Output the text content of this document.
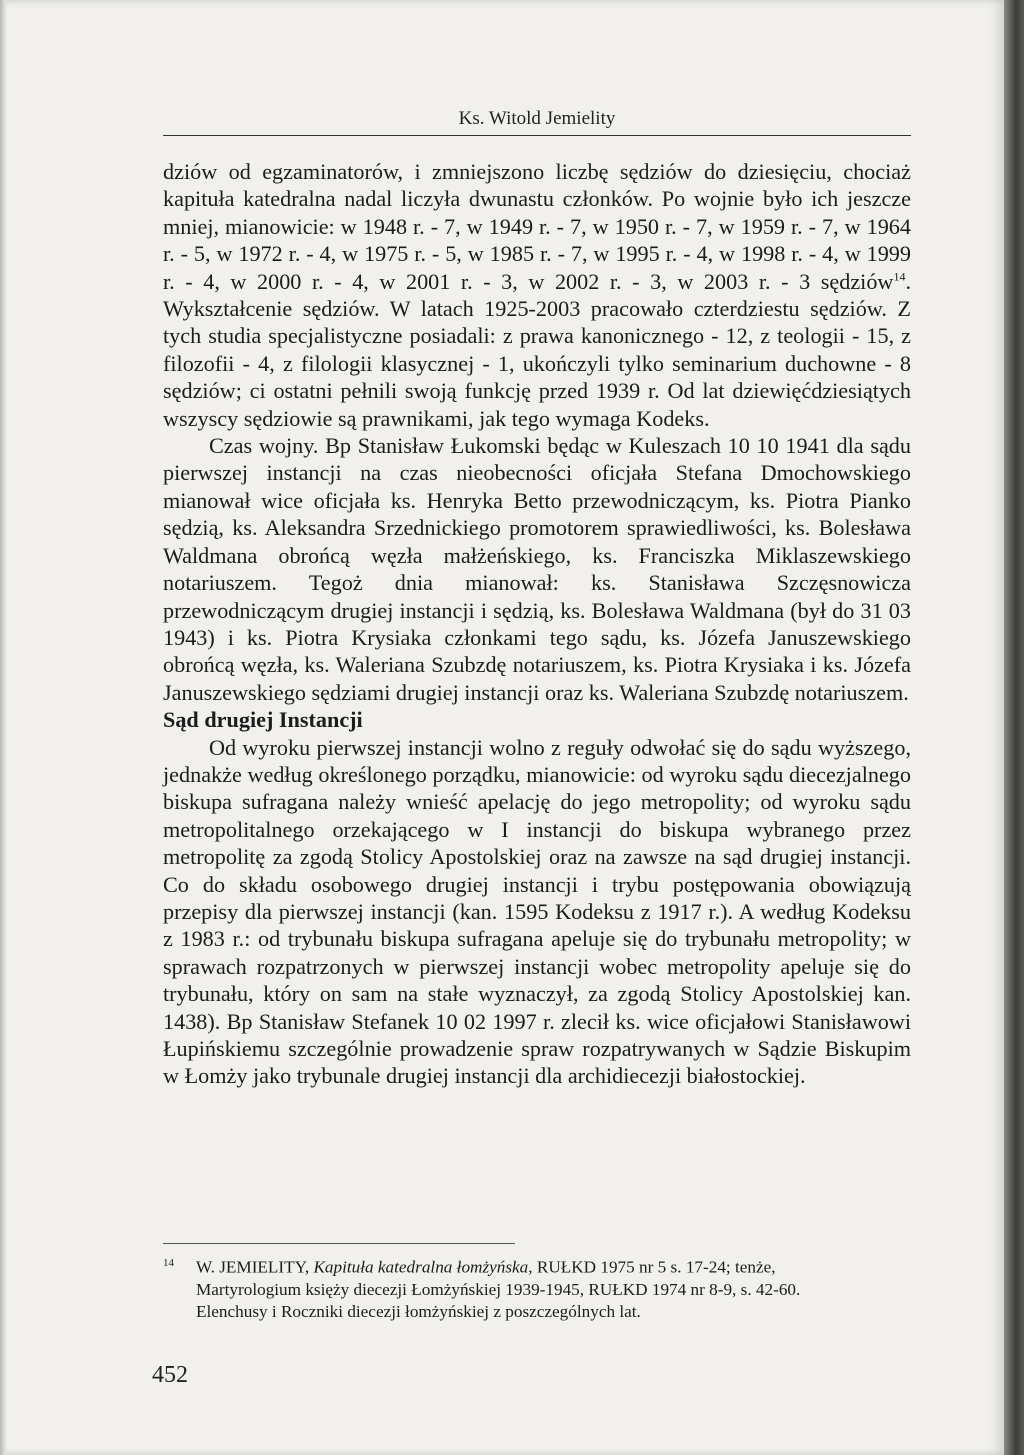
Ks. Witold Jemielity

dziów od egzaminatorów, i zmniejszono liczbę sędziów do dziesięciu, chociaż kapituła katedralna nadal liczyła dwunastu członków. Po wojnie było ich jeszcze mniej, mianowicie: w 1948 r. - 7, w 1949 r. - 7, w 1950 r. - 7, w 1959 r. - 7, w 1964 r. - 5, w 1972 r. - 4, w 1975 r. - 5, w 1985 r. - 7, w 1995 r. - 4, w 1998 r. - 4, w 1999 r. - 4, w 2000 r. - 4, w 2001 r. - 3, w 2002 r. - 3, w 2003 r. - 3 sędziów$^{14}$. Wykształcenie sędziów. W latach 1925-2003 pracowało czterdziestu sędziów. Z tych studia specjalistyczne posiadali: z prawa kanonicznego - 12, z teologii - 15, z filozofii - 4, z filologii klasycznej - 1, ukończyli tylko seminarium duchowne - 8 sędziów; ci ostatni pełnili swoją funkcję przed 1939 r. Od lat dziewięćdziesiątych wszyscy sędziowie są prawnikami, jak tego wymaga Kodeks.

Czas wojny. Bp Stanisław Łukomski będąc w Kuleszach 10 10 1941 dla sądu pierwszej instancji na czas nieobecności oficjała Stefana Dmochowskiego mianował wice oficjała ks. Henryka Betto przewodniczącym, ks. Piotra Pianko sędzią, ks. Aleksandra Srzednickiego promotorem sprawiedliwości, ks. Bolesława Waldmana obrońcą węzła małżeńskiego, ks. Franciszka Miklaszewskiego notariuszem. Tegoż dnia mianował: ks. Stanisława Szczęsnowicza przewodniczącym drugiej instancji i sędzią, ks. Bolesława Waldmana (był do 31 03 1943) i ks. Piotra Krysiaka członkami tego sądu, ks. Józefa Januszewskiego obrońcą węzła, ks. Waleriana Szubzdę notariuszem, ks. Piotra Krysiaka i ks. Józefa Januszewskiego sędziami drugiej instancji oraz ks. Waleriana Szubzdę notariuszem.

Sąd drugiej Instancji

Od wyroku pierwszej instancji wolno z reguły odwołać się do sądu wyższego, jednakże według określonego porządku, mianowicie: od wyroku sądu diecezjalnego biskupa sufragana należy wnieść apelację do jego metropolity; od wyroku sądu metropolitalnego orzekającego w I instancji do biskupa wybranego przez metropolitę za zgodą Stolicy Apostolskiej oraz na zawsze na sąd drugiej instancji. Co do składu osobowego drugiej instancji i trybu postępowania obowiązują przepisy dla pierwszej instancji (kan. 1595 Kodeksu z 1917 r.). A według Kodeksu z 1983 r.: od trybunału biskupa sufragana apeluje się do trybunału metropolity; w sprawach rozpatrzonych w pierwszej instancji wobec metropolity apeluje się do trybunału, który on sam na stałe wyznaczył, za zgodą Stolicy Apostolskiej kan. 1438). Bp Stanisław Stefanek 10 02 1997 r. zlecił ks. wice oficjałowi Stanisławowi Łupińskiemu szczególnie prowadzenie spraw rozpatrywanych w Sądzie Biskupim w Łomży jako trybunale drugiej instancji dla archidiecezji białostockiej.

14 W. JEMIELITY, Kapituła katedralna łomżyńska, RUŁKD 1975 nr 5 s. 17-24; tenże,
Martyrologium księży diecezji Łomżyńskiej 1939-1945, RUŁKD 1974 nr 8-9, s. 42-60.
Elenchusy i Roczniki diecezji łomżyńskiej z poszczególnych lat.
452
